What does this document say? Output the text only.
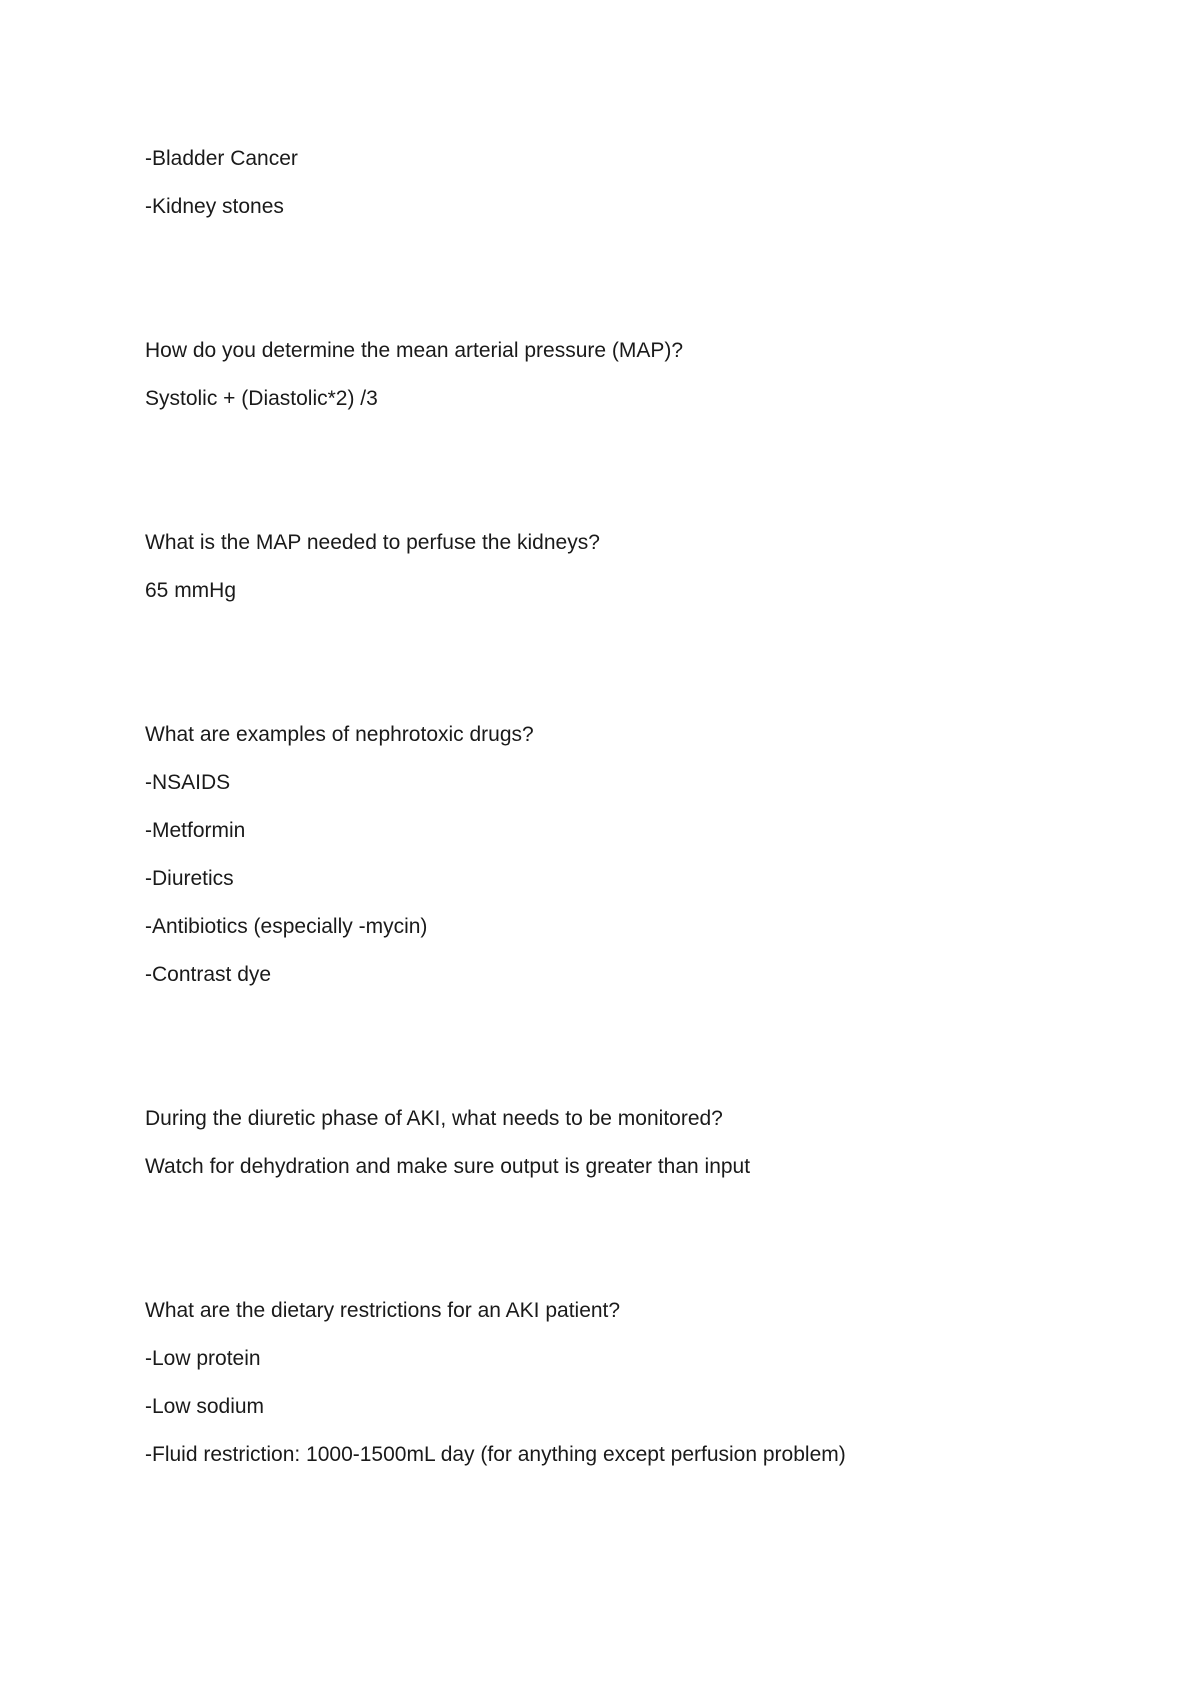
-Bladder Cancer
-Kidney stones
How do you determine the mean arterial pressure (MAP)?
Systolic + (Diastolic*2) /3
What is the MAP needed to perfuse the kidneys?
65 mmHg
What are examples of nephrotoxic drugs?
-NSAIDS
-Metformin
-Diuretics
-Antibiotics (especially -mycin)
-Contrast dye
During the diuretic phase of AKI, what needs to be monitored?
Watch for dehydration and make sure output is greater than input
What are the dietary restrictions for an AKI patient?
-Low protein
-Low sodium
-Fluid restriction: 1000-1500mL day (for anything except perfusion problem)
